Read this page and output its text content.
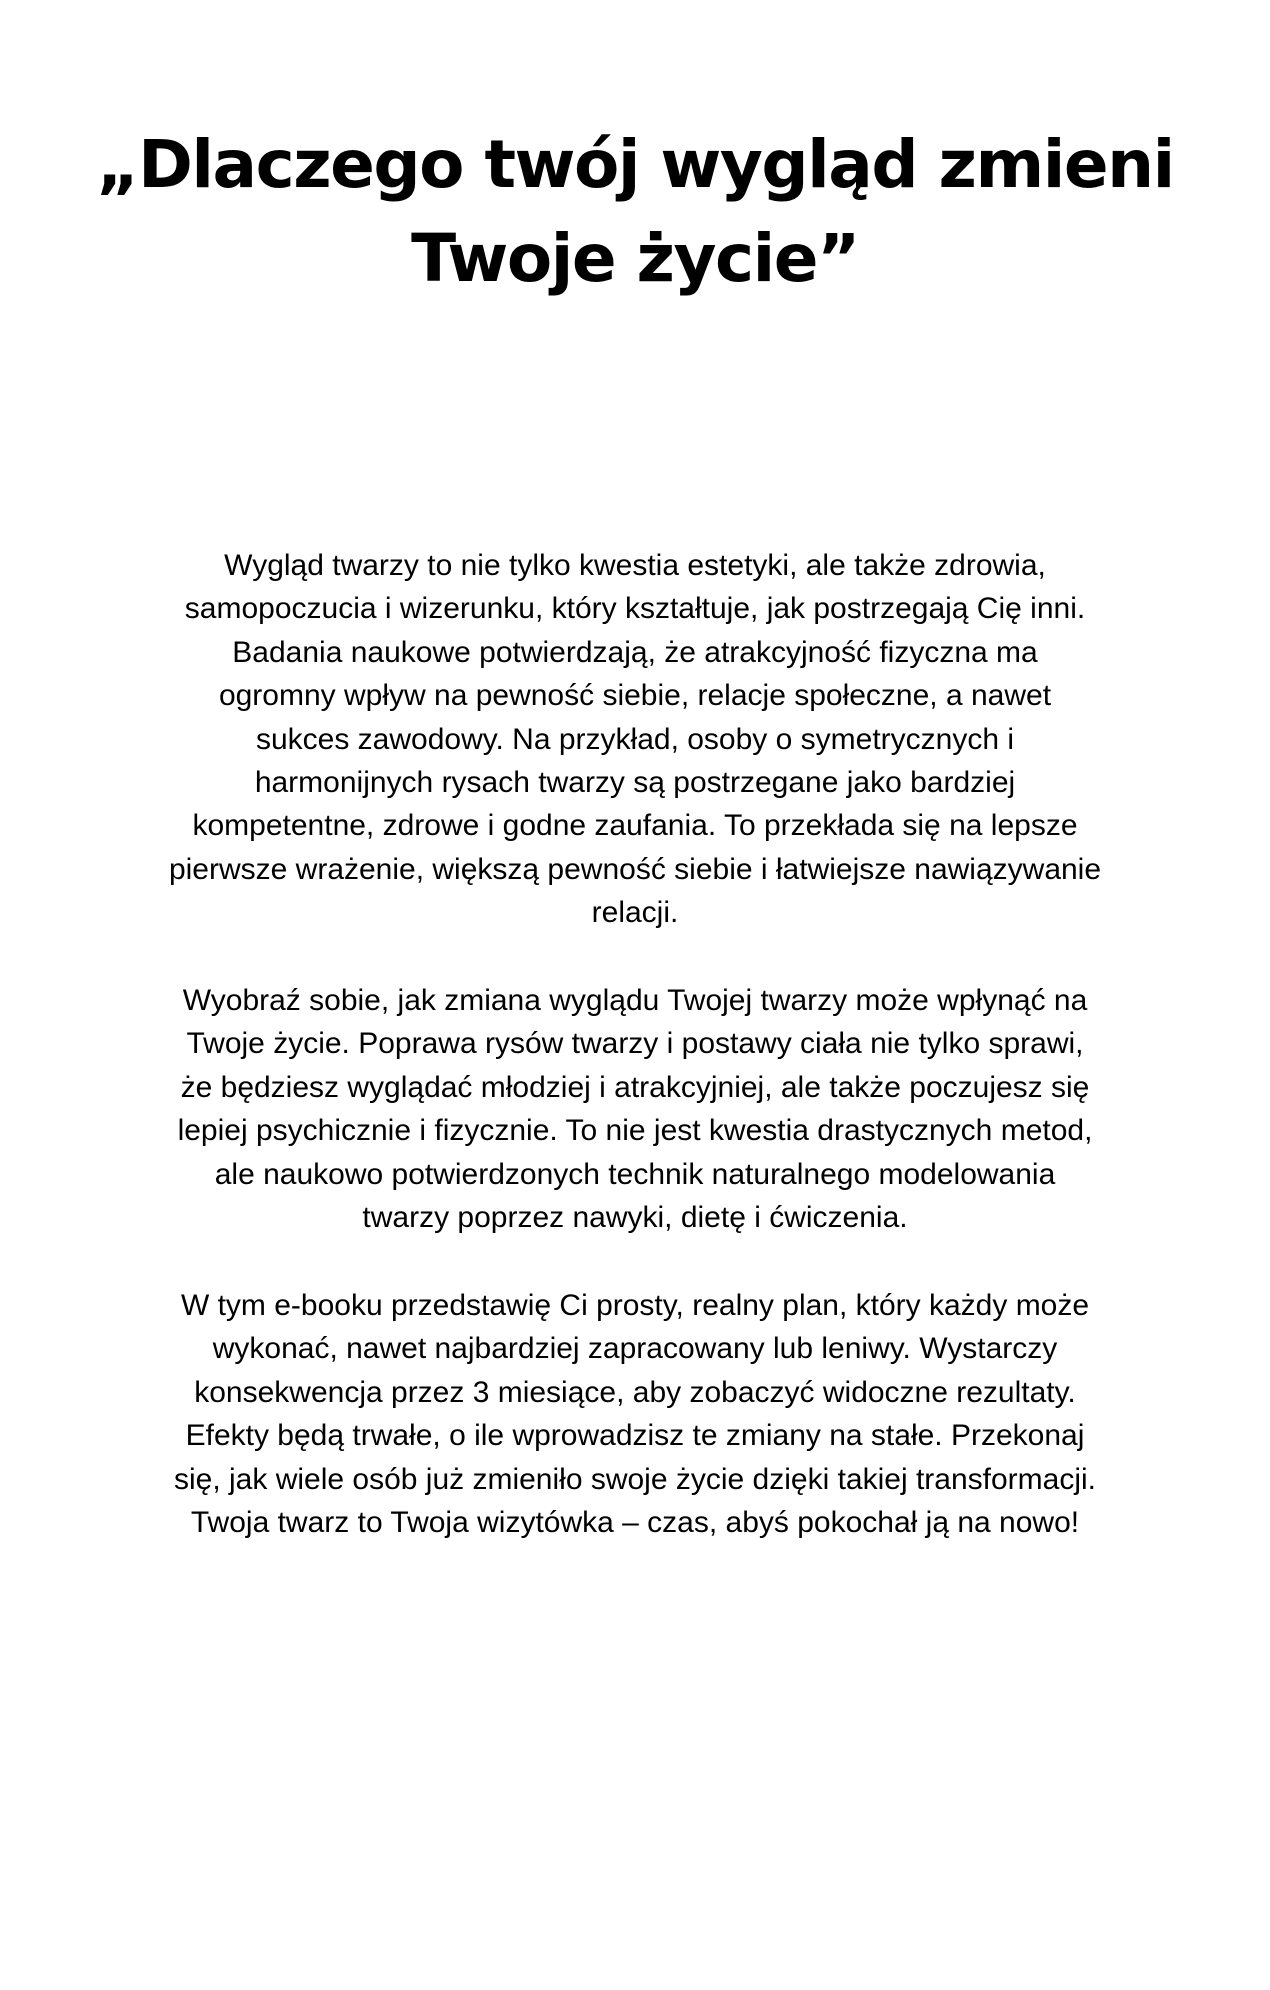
„Dlaczego twój wygląd zmieni
Twoje życie”

Wygląd twarzy to nie tylko kwestia estetyki, ale także zdrowia,
samopoczucia i wizerunku, który kształtuje, jak postrzegają Cię inni.
Badania naukowe potwierdzają, że atrakcyjność fizyczna ma
ogromny wpływ na pewność siebie, relacje społeczne, a nawet
sukces zawodowy. Na przykład, osoby o symetrycznych i
harmonijnych rysach twarzy są postrzegane jako bardziej
kompetentne, zdrowe i godne zaufania. To przekłada się na lepsze
pierwsze wrażenie, większą pewność siebie i łatwiejsze nawiązywanie
relacji.

Wyobraź sobie, jak zmiana wyglądu Twojej twarzy może wpłynąć na
Twoje życie. Poprawa rysów twarzy i postawy ciała nie tylko sprawi,
że będziesz wyglądać młodziej i atrakcyjniej, ale także poczujesz się
lepiej psychicznie i fizycznie. To nie jest kwestia drastycznych metod,
ale naukowo potwierdzonych technik naturalnego modelowania
twarzy poprzez nawyki, dietę i ćwiczenia.

W tym e-booku przedstawię Ci prosty, realny plan, który każdy może
wykonać, nawet najbardziej zapracowany lub leniwy. Wystarczy
konsekwencja przez 3 miesiące, aby zobaczyć widoczne rezultaty.
Efekty będą trwałe, o ile wprowadzisz te zmiany na stałe. Przekonaj
się, jak wiele osób już zmieniło swoje życie dzięki takiej transformacji.
Twoja twarz to Twoja wizytówka – czas, abyś pokochał ją na nowo!
